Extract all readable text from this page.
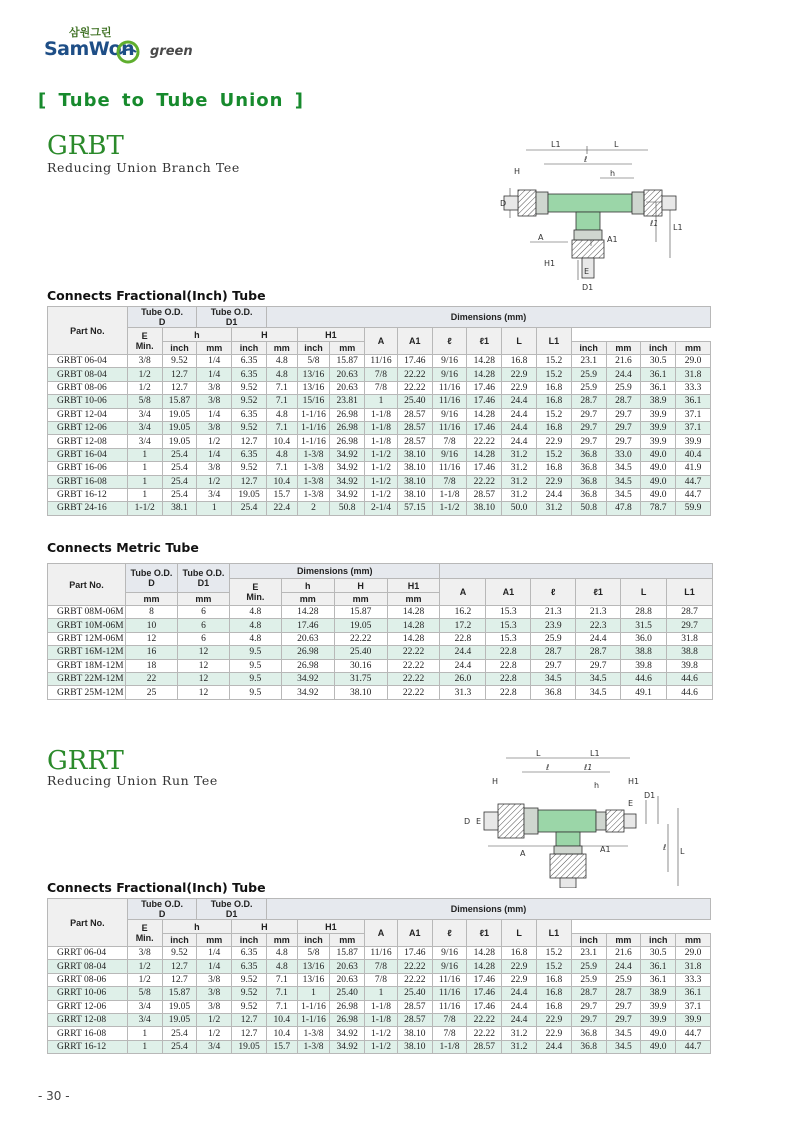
삼원그린
SamWon green
[ Tube to Tube Union ]
GRBT
Reducing Union Branch Tee
L1	L
ℓ
H	h
D
A	A1
ℓ1 L1
H1
E
D1
Connects Fractional(Inch) Tube
Part No.	Tube O.D.
D		Tube O.D.
D1		Dimensions (mm)												
	E
Min.	h		H		H1		A	A1	ℓ	ℓ1	L	L1				
		inch	mm	inch	mm	inch	mm							inch	mm	inch	mm
GRBT 06-04	3/8	9.52	1/4	6.35	4.8	5/8	15.87	11/16	17.46	9/16	14.28	16.8	15.2	23.1	21.6	30.5	29.0
GRBT 08-04	1/2	12.7	1/4	6.35	4.8	13/16	20.63	7/8	22.22	9/16	14.28	22.9	15.2	25.9	24.4	36.1	31.8
GRBT 08-06	1/2	12.7	3/8	9.52	7.1	13/16	20.63	7/8	22.22	11/16	17.46	22.9	16.8	25.9	25.9	36.1	33.3
GRBT 10-06	5/8	15.87	3/8	9.52	7.1	15/16	23.81	1	25.40	11/16	17.46	24.4	16.8	28.7	28.7	38.9	36.1
GRBT 12-04	3/4	19.05	1/4	6.35	4.8	1-1/16	26.98	1-1/8	28.57	9/16	14.28	24.4	15.2	29.7	29.7	39.9	37.1
GRBT 12-06	3/4	19.05	3/8	9.52	7.1	1-1/16	26.98	1-1/8	28.57	11/16	17.46	24.4	16.8	29.7	29.7	39.9	37.1
GRBT 12-08	3/4	19.05	1/2	12.7	10.4	1-1/16	26.98	1-1/8	28.57	7/8	22.22	24.4	22.9	29.7	29.7	39.9	39.9
GRBT 16-04	1	25.4	1/4	6.35	4.8	1-3/8	34.92	1-1/2	38.10	9/16	14.28	31.2	15.2	36.8	33.0	49.0	40.4
GRBT 16-06	1	25.4	3/8	9.52	7.1	1-3/8	34.92	1-1/2	38.10	11/16	17.46	31.2	16.8	36.8	34.5	49.0	41.9
GRBT 16-08	1	25.4	1/2	12.7	10.4	1-3/8	34.92	1-1/2	38.10	7/8	22.22	31.2	22.9	36.8	34.5	49.0	44.7
GRBT 16-12	1	25.4	3/4	19.05	15.7	1-3/8	34.92	1-1/2	38.10	1-1/8	28.57	31.2	24.4	36.8	34.5	49.0	44.7
GRBT 24-16	1-1/2	38.1	1	25.4	22.4	2	50.8	2-1/4	57.15	1-1/2	38.10	50.0	31.2	50.8	47.8	78.7	59.9
Connects Metric Tube
Part No.	Tube O.D.
D	Tube O.D.
D1	Dimensions (mm)									
			E
Min.	h	H	H1	A	A1	ℓ	ℓ1	L	L1
	mm	mm		mm	mm	mm						
GRBT 08M-06M	8	6	4.8	14.28	15.87	14.28	16.2	15.3	21.3	21.3	28.8	28.7
GRBT 10M-06M	10	6	4.8	17.46	19.05	14.28	17.2	15.3	23.9	22.3	31.5	29.7
GRBT 12M-06M	12	6	4.8	20.63	22.22	14.28	22.8	15.3	25.9	24.4	36.0	31.8
GRBT 16M-12M	16	12	9.5	26.98	25.40	22.22	24.4	22.8	28.7	28.7	38.8	38.8
GRBT 18M-12M	18	12	9.5	26.98	30.16	22.22	24.4	22.8	29.7	29.7	39.8	39.8
GRBT 22M-12M	22	12	9.5	34.92	31.75	22.22	26.0	22.8	34.5	34.5	44.6	44.6
GRBT 25M-12M	25	12	9.5	34.92	38.10	22.22	31.3	22.8	36.8	34.5	49.1	44.6
GRRT
Reducing Union Run Tee
L	L1
ℓ	ℓ1
H	h	H1
E
D1
D E
A	A1	ℓ L
Connects Fractional(Inch) Tube
Part No.	Tube O.D.
D		Tube O.D.
D1		Dimensions (mm)												
	E
Min.	h		H		H1		A	A1	ℓ	ℓ1	L	L1				
		inch	mm	inch	mm	inch	mm							inch	mm	inch	mm
GRRT 06-04	3/8	9.52	1/4	6.35	4.8	5/8	15.87	11/16	17.46	9/16	14.28	16.8	15.2	23.1	21.6	30.5	29.0
GRRT 08-04	1/2	12.7	1/4	6.35	4.8	13/16	20.63	7/8	22.22	9/16	14.28	22.9	15.2	25.9	24.4	36.1	31.8
GRRT 08-06	1/2	12.7	3/8	9.52	7.1	13/16	20.63	7/8	22.22	11/16	17.46	22.9	16.8	25.9	25.9	36.1	33.3
GRRT 10-06	5/8	15.87	3/8	9.52	7.1	1	25.40	1	25.40	11/16	17.46	24.4	16.8	28.7	28.7	38.9	36.1
GRRT 12-06	3/4	19.05	3/8	9.52	7.1	1-1/16	26.98	1-1/8	28.57	11/16	17.46	24.4	16.8	29.7	29.7	39.9	37.1
GRRT 12-08	3/4	19.05	1/2	12.7	10.4	1-1/16	26.98	1-1/8	28.57	7/8	22.22	24.4	22.9	29.7	29.7	39.9	39.9
GRRT 16-08	1	25.4	1/2	12.7	10.4	1-3/8	34.92	1-1/2	38.10	7/8	22.22	31.2	22.9	36.8	34.5	49.0	44.7
GRRT 16-12	1	25.4	3/4	19.05	15.7	1-3/8	34.92	1-1/2	38.10	1-1/8	28.57	31.2	24.4	36.8	34.5	49.0	44.7
- 30 -
